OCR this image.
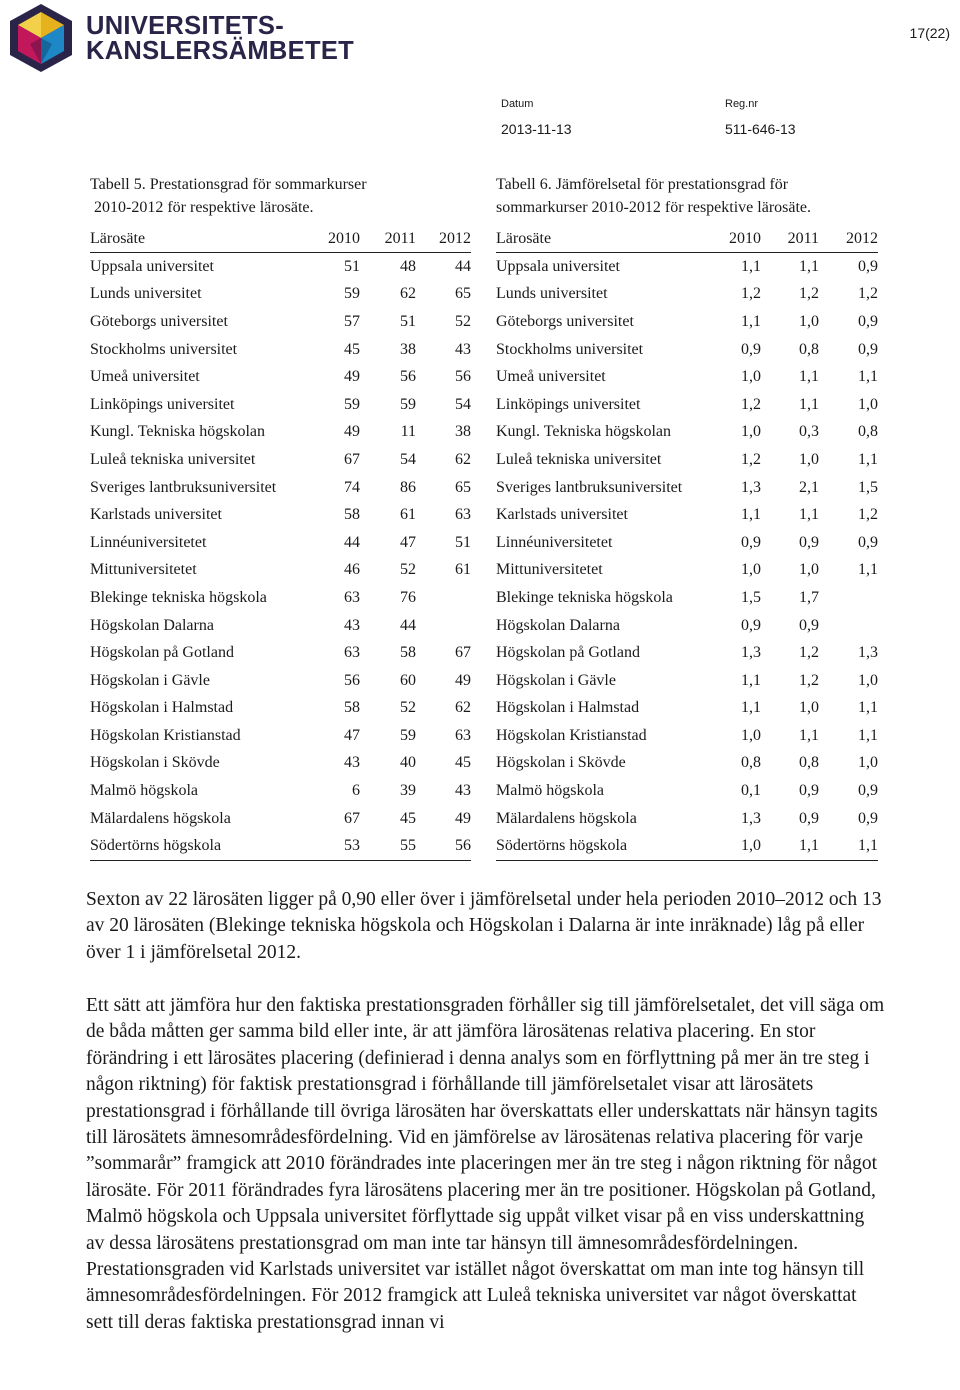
UNIVERSITETS-
KANSLERSÄMBETET
17(22)
Datum
2013-11-13
Reg.nr
511-646-13
Tabell 5. Prestationsgrad för sommarkurser
2010-2012 för respektive lärosäte.
Tabell 6. Jämförelsetal för prestationsgrad för
sommarkurser 2010-2012 för respektive lärosäte.
Lärosäte	2010	2011	2012
Uppsala universitet	51	48	44
Lunds universitet	59	62	65
Göteborgs universitet	57	51	52
Stockholms universitet	45	38	43
Umeå universitet	49	56	56
Linköpings universitet	59	59	54
Kungl. Tekniska högskolan	49	11	38
Luleå tekniska universitet	67	54	62
Sveriges lantbruksuniversitet	74	86	65
Karlstads universitet	58	61	63
Linnéuniversitetet	44	47	51
Mittuniversitetet	46	52	61
Blekinge tekniska högskola	63	76	
Högskolan Dalarna	43	44	
Högskolan på Gotland	63	58	67
Högskolan i Gävle	56	60	49
Högskolan i Halmstad	58	52	62
Högskolan Kristianstad	47	59	63
Högskolan i Skövde	43	40	45
Malmö högskola	6	39	43
Mälardalens högskola	67	45	49
Södertörns högskola	53	55	56
Lärosäte	2010	2011	2012
Uppsala universitet	1,1	1,1	0,9
Lunds universitet	1,2	1,2	1,2
Göteborgs universitet	1,1	1,0	0,9
Stockholms universitet	0,9	0,8	0,9
Umeå universitet	1,0	1,1	1,1
Linköpings universitet	1,2	1,1	1,0
Kungl. Tekniska högskolan	1,0	0,3	0,8
Luleå tekniska universitet	1,2	1,0	1,1
Sveriges lantbruksuniversitet	1,3	2,1	1,5
Karlstads universitet	1,1	1,1	1,2
Linnéuniversitetet	0,9	0,9	0,9
Mittuniversitetet	1,0	1,0	1,1
Blekinge tekniska högskola	1,5	1,7	
Högskolan Dalarna	0,9	0,9	
Högskolan på Gotland	1,3	1,2	1,3
Högskolan i Gävle	1,1	1,2	1,0
Högskolan i Halmstad	1,1	1,0	1,1
Högskolan Kristianstad	1,0	1,1	1,1
Högskolan i Skövde	0,8	0,8	1,0
Malmö högskola	0,1	0,9	0,9
Mälardalens högskola	1,3	0,9	0,9
Södertörns högskola	1,0	1,1	1,1

Sexton av 22 lärosäten ligger på 0,90 eller över i jämförelsetal under hela perioden 2010–2012 och 13 av 20 lärosäten (Blekinge tekniska högskola och Högskolan i Dalarna är inte inräknade) låg på eller över 1 i jämförelsetal 2012.

Ett sätt att jämföra hur den faktiska prestationsgraden förhåller sig till jämförelsetalet, det vill säga om de båda måtten ger samma bild eller inte, är att jämföra lärosätenas relativa placering. En stor förändring i ett lärosätes placering (definierad i denna analys som en förflyttning på mer än tre steg i någon riktning) för faktisk prestationsgrad i förhållande till jämförelsetalet visar att lärosätets prestationsgrad i förhållande till övriga lärosäten har överskattats eller underskattats när hänsyn tagits till lärosätets ämnesområdesfördelning. Vid en jämförelse av lärosätenas relativa placering för varje ”sommarår” framgick att 2010 förändrades inte placeringen mer än tre steg i någon riktning för något lärosäte. För 2011 förändrades fyra lärosätens placering mer än tre positioner. Högskolan på Gotland, Malmö högskola och Uppsala universitet förflyttade sig uppåt vilket visar på en viss underskattning av dessa lärosätens prestationsgrad om man inte tar hänsyn till ämnesområdesfördelningen. Prestationsgraden vid Karlstads universitet var istället något överskattat om man inte tog hänsyn till ämnesområdesfördelningen. För 2012 framgick att Luleå tekniska universitet var något överskattat sett till deras faktiska prestationsgrad innan vi
